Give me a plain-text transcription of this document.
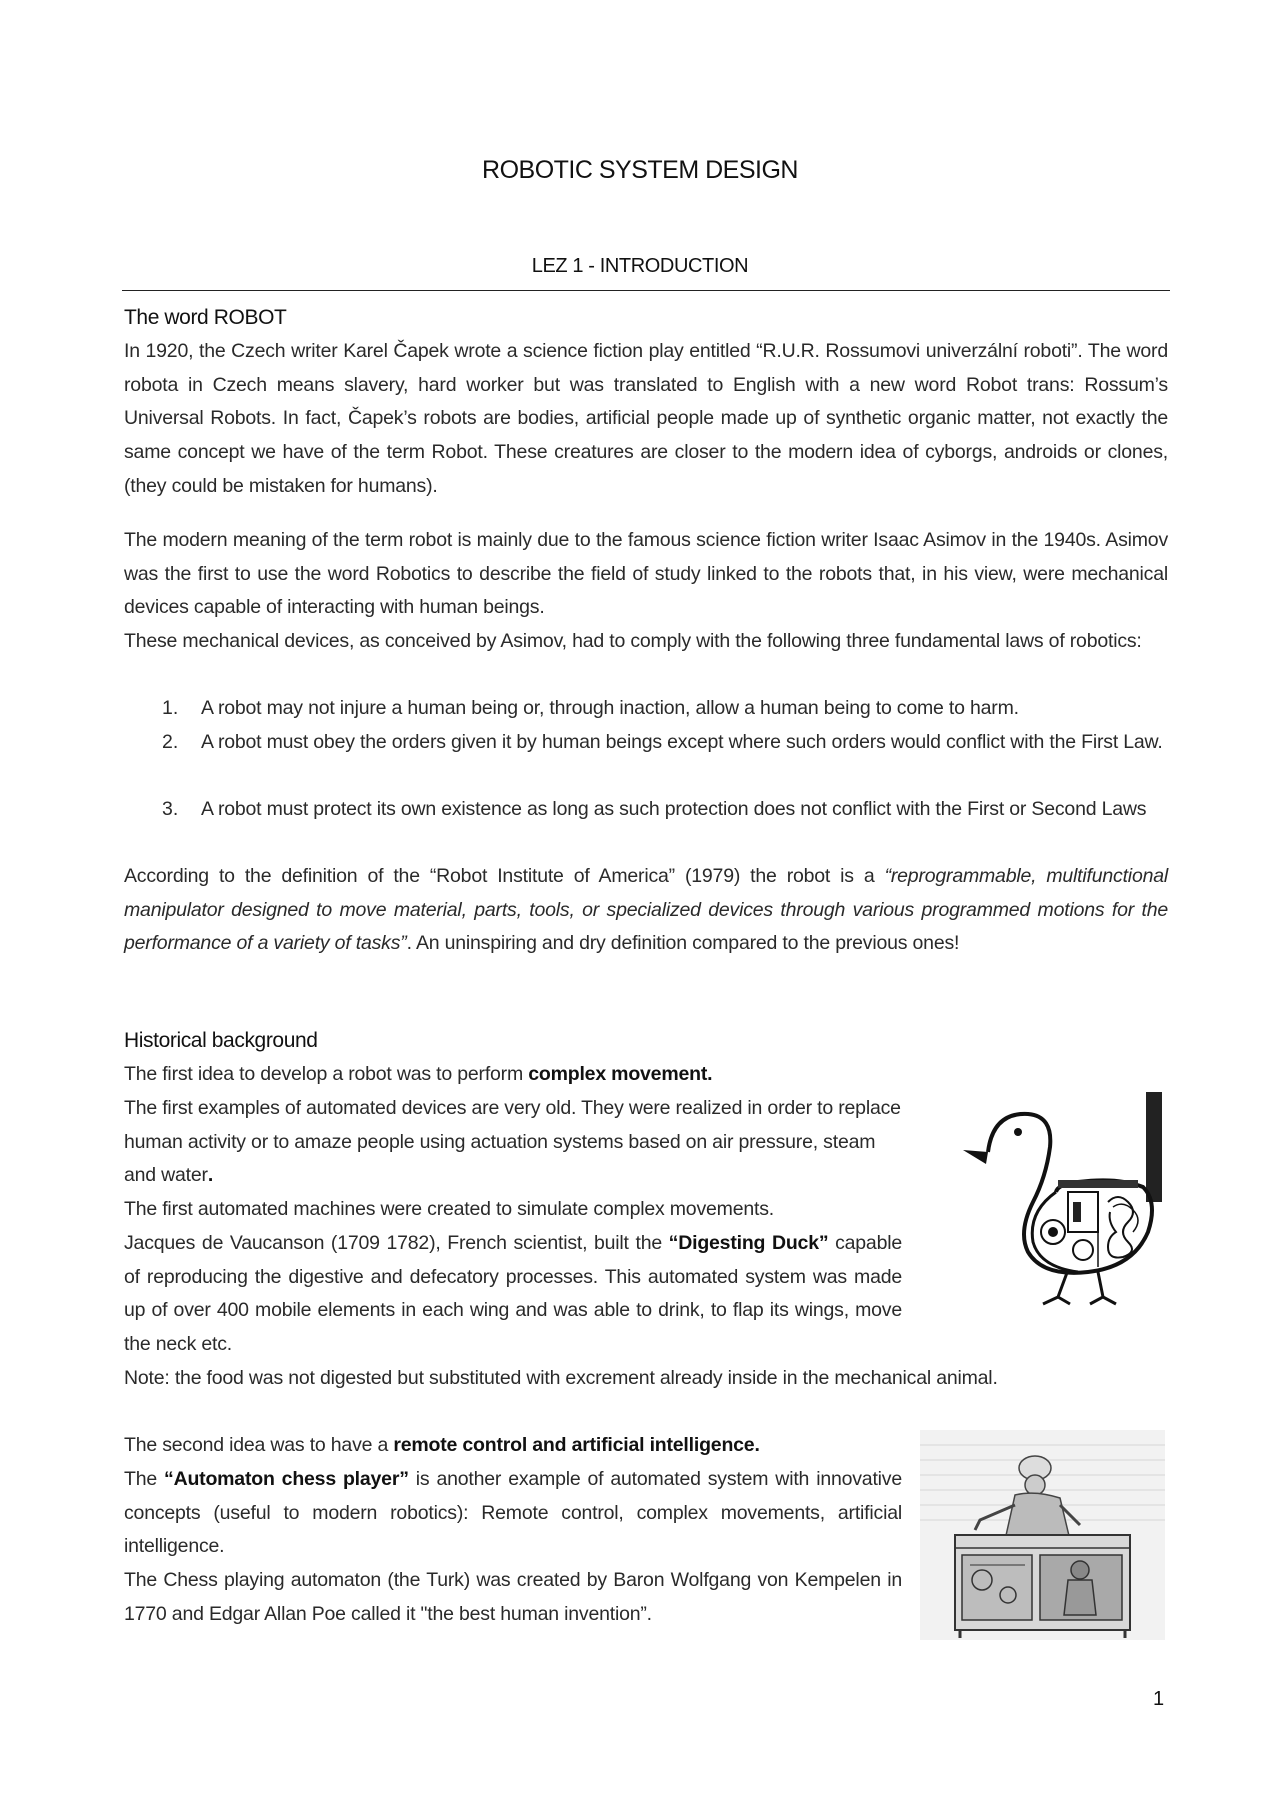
ROBOTIC SYSTEM DESIGN
LEZ 1 - INTRODUCTION
The word ROBOT
In 1920, the Czech writer Karel Čapek wrote a science fiction play entitled “R.U.R. Rossumovi univerzální roboti”. The word robota in Czech means slavery, hard worker but was translated to English with a new word Robot trans: Rossum’s Universal Robots. In fact, Čapek’s robots are bodies, artificial people made up of synthetic organic matter, not exactly the same concept we have of the term Robot. These creatures are closer to the modern idea of cyborgs, androids or clones, (they could be mistaken for humans).
The modern meaning of the term robot is mainly due to the famous science fiction writer Isaac Asimov in the 1940s. Asimov was the first to use the word Robotics to describe the field of study linked to the robots that, in his view, were mechanical devices capable of interacting with human beings.
These mechanical devices, as conceived by Asimov, had to comply with the following three fundamental laws of robotics:
1. A robot may not injure a human being or, through inaction, allow a human being to come to harm.
2. A robot must obey the orders given it by human beings except where such orders would conflict with the First Law.
3. A robot must protect its own existence as long as such protection does not conflict with the First or Second Laws
According to the definition of the “Robot Institute of America” (1979) the robot is a “reprogrammable, multifunctional manipulator designed to move material, parts, tools, or specialized devices through various programmed motions for the performance of a variety of tasks”. An uninspiring and dry definition compared to the previous ones!
Historical background
The first idea to develop a robot was to perform complex movement.
The first examples of automated devices are very old. They were realized in order to replace human activity or to amaze people using actuation systems based on air pressure, steam and water.
The first automated machines were created to simulate complex movements.
Jacques de Vaucanson (1709 1782), French scientist, built the “Digesting Duck” capable of reproducing the digestive and defecatory processes. This automated system was made up of over 400 mobile elements in each wing and was able to drink, to flap its wings, move the neck etc.
Note: the food was not digested but substituted with excrement already inside in the mechanical animal.
The second idea was to have a remote control and artificial intelligence.
The “Automaton chess player” is another example of automated system with innovative concepts (useful to modern robotics): Remote control, complex movements, artificial intelligence.
The Chess playing automaton (the Turk) was created by Baron Wolfgang von Kempelen in 1770 and Edgar Allan Poe called it "the best human invention”.
1
